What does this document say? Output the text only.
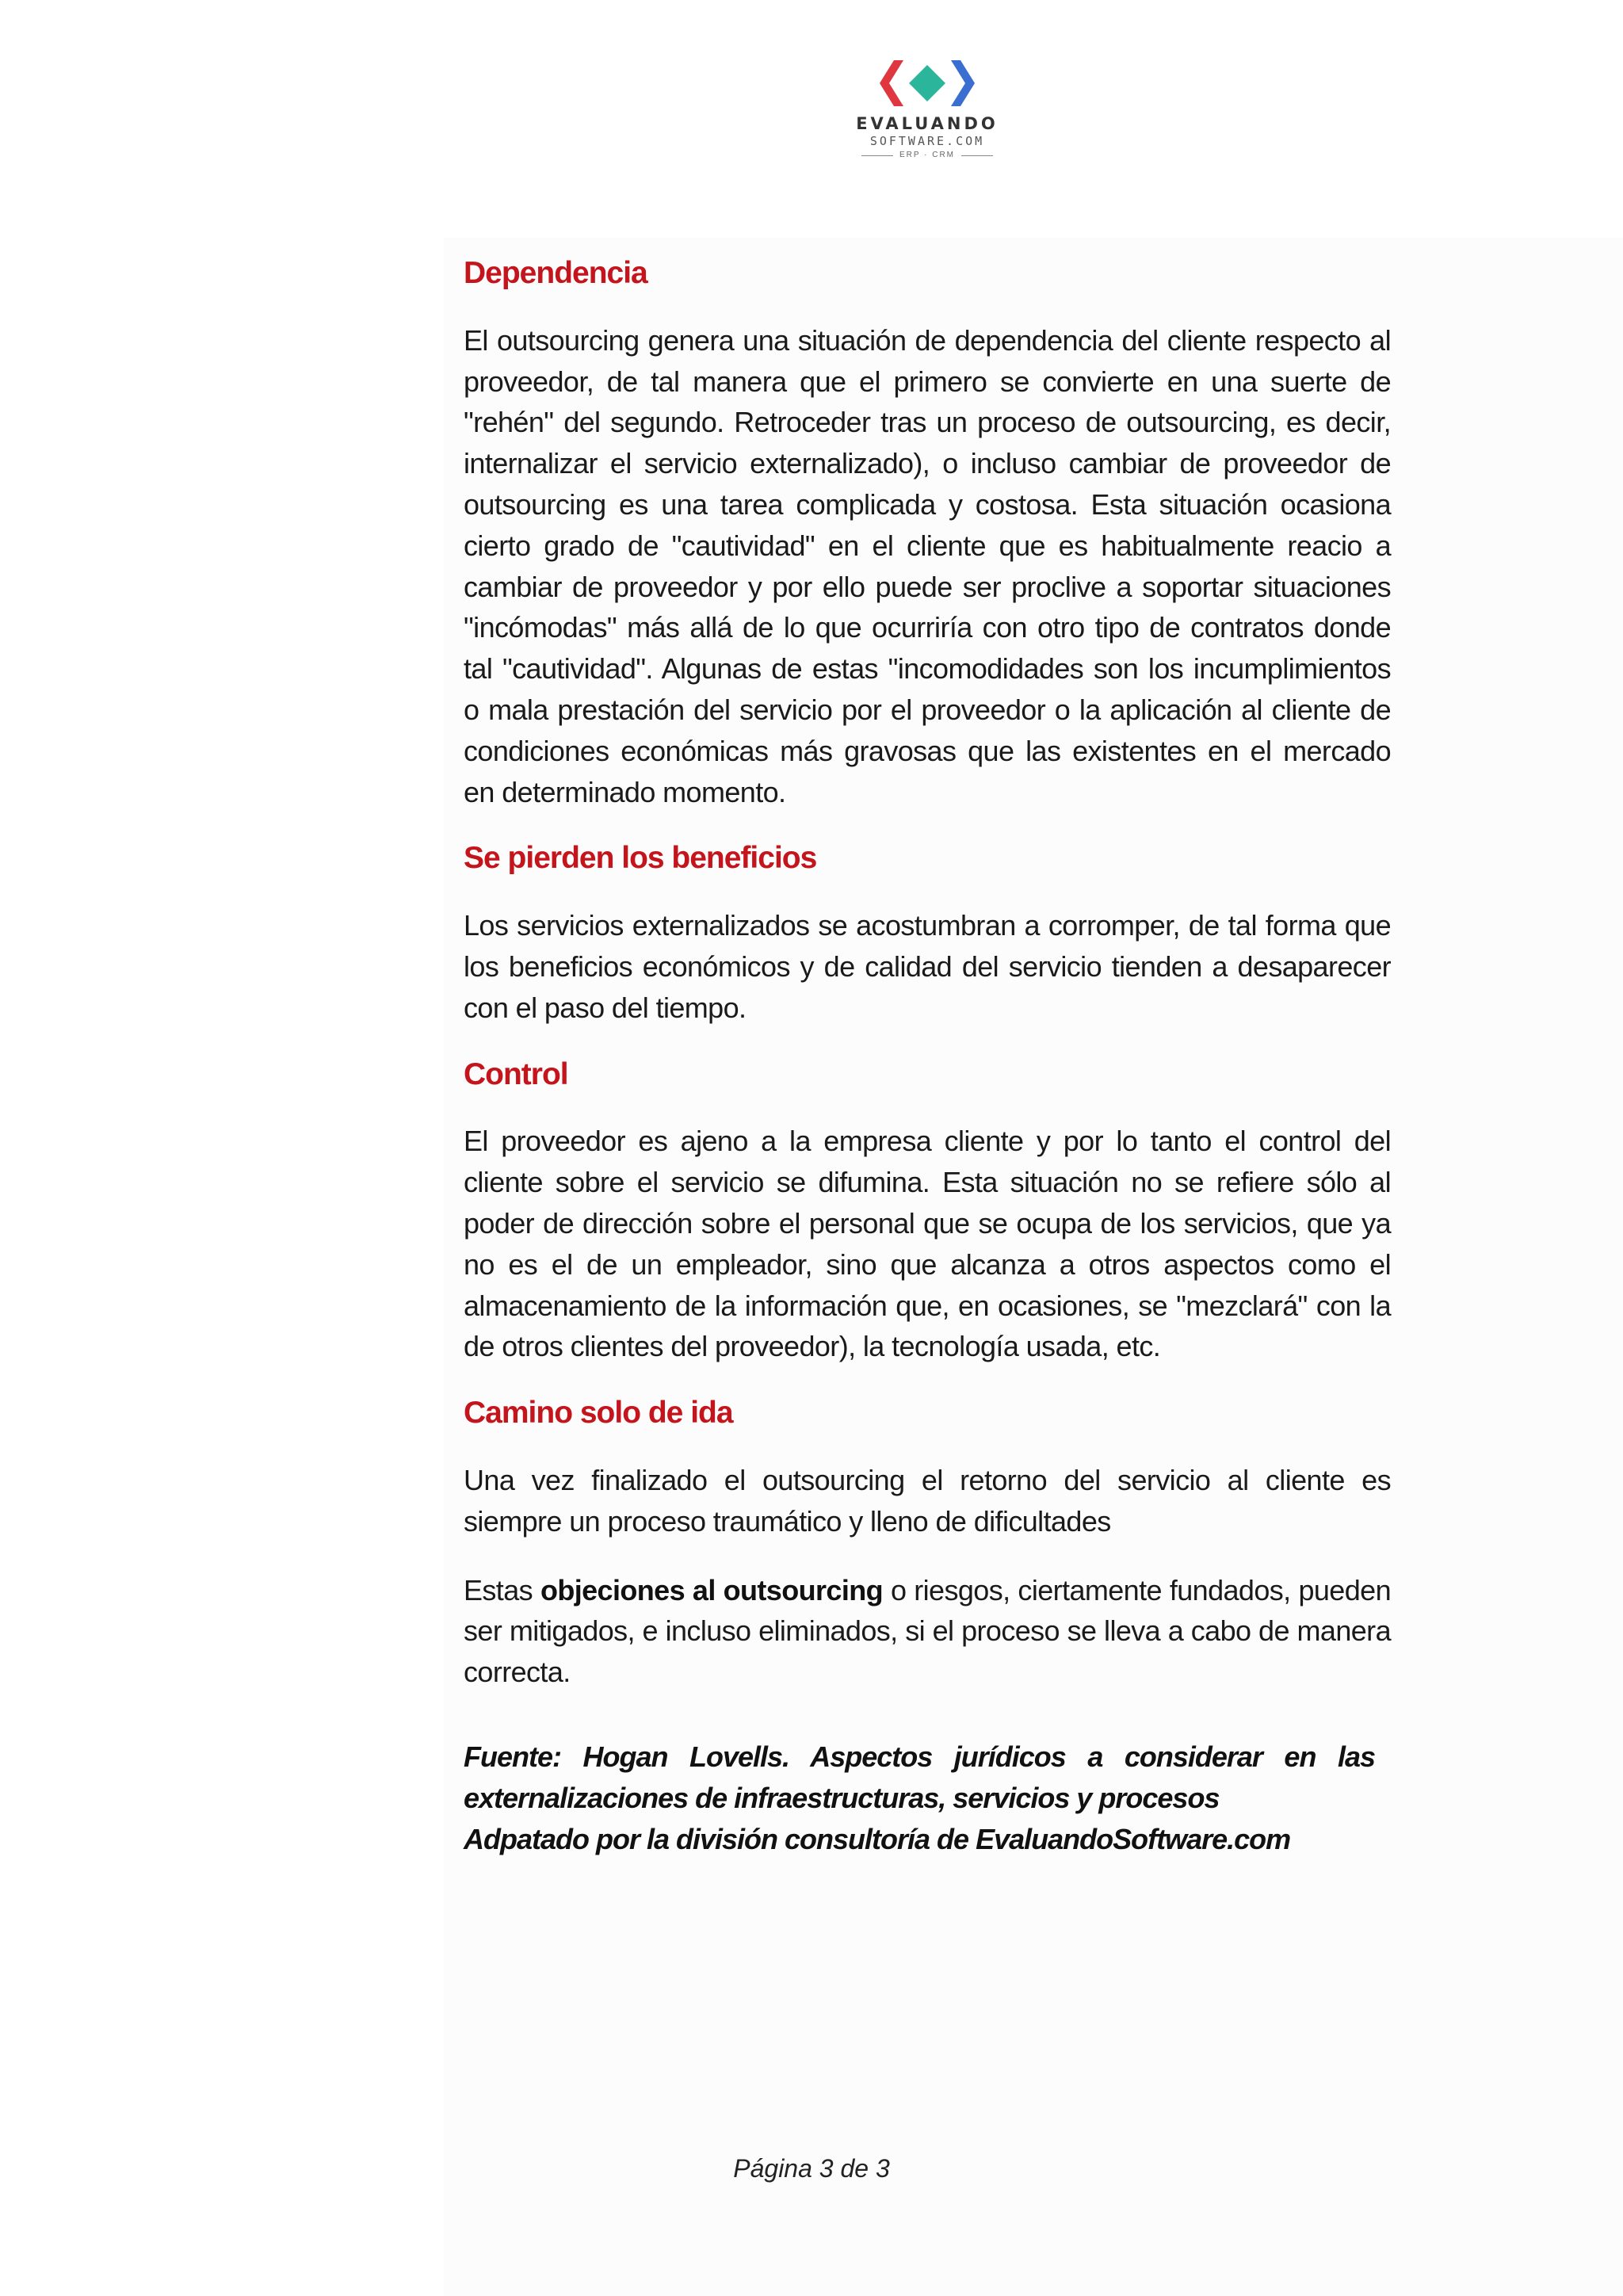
EVALUANDO
SOFTWARE.COM
ERP · CRM
Dependencia

El outsourcing genera una situación de dependencia del cliente respecto al proveedor, de tal manera que el primero se convierte en una suerte de "rehén" del segundo. Retroceder tras un proceso de outsourcing, es decir, internalizar el servicio externalizado), o incluso cambiar de proveedor de outsourcing es una tarea complicada y costosa. Esta situación ocasiona cierto grado de "cautividad" en el cliente que es habitualmente reacio a cambiar de proveedor y por ello puede ser proclive a soportar situaciones "incómodas" más allá de lo que ocurriría con otro tipo de contratos donde tal "cautividad". Algunas de estas "incomodidades son los incumplimientos o mala prestación del servicio por el proveedor o la aplicación al cliente de condiciones económicas más gravosas que las existentes en el mercado en determinado momento.

Se pierden los beneficios

Los servicios externalizados se acostumbran a corromper, de tal forma que los beneficios económicos y de calidad del servicio tienden a desaparecer con el paso del tiempo.

Control

El proveedor es ajeno a la empresa cliente y por lo tanto el control del cliente sobre el servicio se difumina. Esta situación no se refiere sólo al poder de dirección sobre el personal que se ocupa de los servicios, que ya no es el de un empleador, sino que alcanza a otros aspectos como el almacenamiento de la información que, en ocasiones, se "mezclará" con la de otros clientes del proveedor), la tecnología usada, etc.

Camino solo de ida

Una vez finalizado el outsourcing el retorno del servicio al cliente es siempre un proceso traumático y lleno de dificultades

Estas objeciones al outsourcing o riesgos, ciertamente fundados, pueden ser mitigados, e incluso eliminados, si el proceso se lleva a cabo de manera correcta.

Fuente: Hogan Lovells. Aspectos jurídicos a considerar en las
externalizaciones de infraestructuras, servicios y procesos
Adpatado por la división consultoría de EvaluandoSoftware.com
Página 3 de 3
